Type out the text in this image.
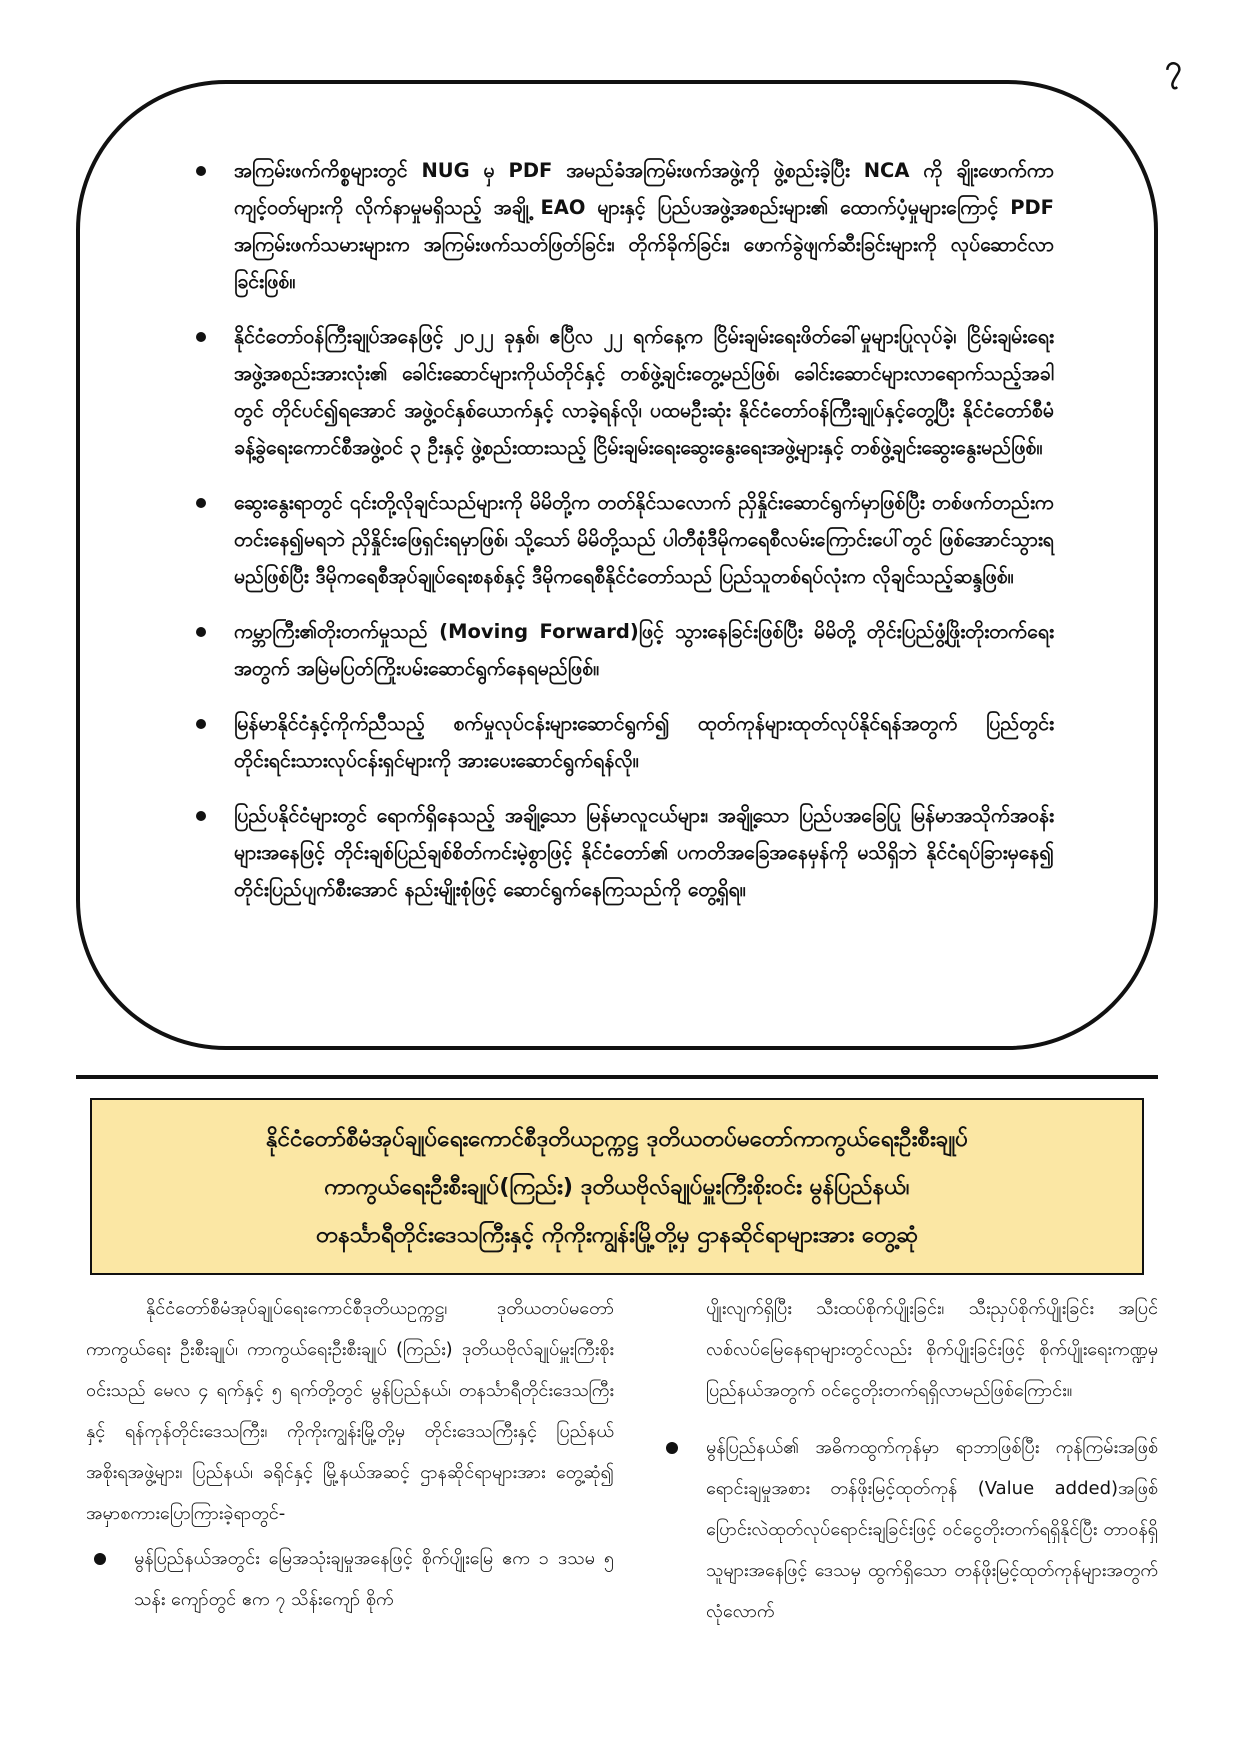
၇
အကြမ်းဖက်ကိစ္စများတွင် NUG မှ PDF အမည်ခံအကြမ်းဖက်အဖွဲ့ကို ဖွဲ့စည်းခဲ့ပြီး NCA ကို ချိုးဖောက်ကာ ကျင့်ဝတ်များကို လိုက်နာမှုမရှိသည့် အချို့ EAO များနှင့် ပြည်ပအဖွဲ့အစည်းများ၏ ထောက်ပံ့မှုများကြောင့် PDF အကြမ်းဖက်သမားများက အကြမ်းဖက်သတ်ဖြတ်ခြင်း၊ တိုက်ခိုက်ခြင်း၊ ဖောက်ခွဲဖျက်ဆီးခြင်းများကို လုပ်ဆောင်လာခြင်းဖြစ်။
နိုင်ငံတော်ဝန်ကြီးချုပ်အနေဖြင့် ၂၀၂၂ ခုနှစ်၊ ဧပြီလ ၂၂ ရက်နေ့က ငြိမ်းချမ်းရေးဖိတ်ခေါ်မှုများပြုလုပ်ခဲ့၊ ငြိမ်းချမ်းရေးအဖွဲ့အစည်းအားလုံး၏ ခေါင်းဆောင်များကိုယ်တိုင်နှင့် တစ်ဖွဲ့ချင်းတွေ့မည်ဖြစ်၊ ခေါင်းဆောင်များလာရောက်သည့်အခါတွင် တိုင်ပင်၍ရအောင် အဖွဲ့ဝင်နှစ်ယောက်နှင့် လာခဲ့ရန်လို၊ ပထမဦးဆုံး နိုင်ငံတော်ဝန်ကြီးချုပ်နှင့်တွေ့ပြီး နိုင်ငံတော်စီမံခန့်ခွဲရေးကောင်စီအဖွဲ့ဝင် ၃ ဦးနှင့် ဖွဲ့စည်းထားသည့် ငြိမ်းချမ်းရေးဆွေးနွေးရေးအဖွဲ့များနှင့် တစ်ဖွဲ့ချင်းဆွေးနွေးမည်ဖြစ်။
ဆွေးနွေးရာတွင် ၎င်းတို့လိုချင်သည်များကို မိမိတို့က တတ်နိုင်သလောက် ညှိနှိုင်းဆောင်ရွက်မှာဖြစ်ပြီး တစ်ဖက်တည်းကတင်းနေ၍မရဘဲ ညှိနှိုင်းဖြေရှင်းရမှာဖြစ်၊ သို့သော် မိမိတို့သည် ပါတီစုံဒီမိုကရေစီလမ်းကြောင်းပေါ်တွင် ဖြစ်အောင်သွားရမည်ဖြစ်ပြီး ဒီမိုကရေစီအုပ်ချုပ်ရေးစနစ်နှင့် ဒီမိုကရေစီနိုင်ငံတော်သည် ပြည်သူတစ်ရပ်လုံးက လိုချင်သည့်ဆန္ဒဖြစ်။
ကမ္ဘာကြီး၏တိုးတက်မှုသည် (Moving Forward)ဖြင့် သွားနေခြင်းဖြစ်ပြီး မိမိတို့ တိုင်းပြည်ဖွံ့ဖြိုးတိုးတက်ရေးအတွက် အမြဲမပြတ်ကြိုးပမ်းဆောင်ရွက်နေရမည်ဖြစ်။
မြန်မာနိုင်ငံနှင့်ကိုက်ညီသည့် စက်မှုလုပ်ငန်းများဆောင်ရွက်၍ ထုတ်ကုန်များထုတ်လုပ်နိုင်ရန်အတွက် ပြည်တွင်းတိုင်းရင်းသားလုပ်ငန်းရှင်များကို အားပေးဆောင်ရွက်ရန်လို။
ပြည်ပနိုင်ငံများတွင် ရောက်ရှိနေသည့် အချို့သော မြန်မာလူငယ်များ၊ အချို့သော ပြည်ပအခြေပြု မြန်မာအသိုက်အဝန်းများအနေဖြင့် တိုင်းချစ်ပြည်ချစ်စိတ်ကင်းမဲ့စွာဖြင့် နိုင်ငံတော်၏ ပကတိအခြေအနေမှန်ကို မသိရှိဘဲ နိုင်ငံရပ်ခြားမှနေ၍ တိုင်းပြည်ပျက်စီးအောင် နည်းမျိုးစုံဖြင့် ဆောင်ရွက်နေကြသည်ကို တွေ့ရှိရ။
နိုင်ငံတော်စီမံအုပ်ချုပ်ရေးကောင်စီဒုတိယဥက္ကဋ္ဌ ဒုတိယတပ်မတော်ကာကွယ်ရေးဦးစီးချုပ်
ကာကွယ်ရေးဦးစီးချုပ်(ကြည်း) ဒုတိယဗိုလ်ချုပ်မှူးကြီးစိုးဝင်း မွန်ပြည်နယ်၊
တနင်္သာရီတိုင်းဒေသကြီးနှင့် ကိုကိုးကျွန်းမြို့တို့မှ ဌာနဆိုင်ရာများအား တွေ့ဆုံ

နိုင်ငံတော်စီမံအုပ်ချုပ်ရေးကောင်စီဒုတိယဥက္ကဋ္ဌ၊ ဒုတိယတပ်မတော်ကာကွယ်ရေး ဦးစီးချုပ်၊ ကာကွယ်ရေးဦးစီးချုပ် (ကြည်း) ဒုတိယဗိုလ်ချုပ်မှူးကြီးစိုးဝင်းသည် မေလ ၄ ရက်နှင့် ၅ ရက်တို့တွင် မွန်ပြည်နယ်၊ တနင်္သာရီတိုင်းဒေသကြီးနှင့် ရန်ကုန်တိုင်းဒေသကြီး၊ ကိုကိုးကျွန်းမြို့တို့မှ တိုင်းဒေသကြီးနှင့် ပြည်နယ်အစိုးရအဖွဲ့များ၊ ပြည်နယ်၊ ခရိုင်နှင့် မြို့နယ်အဆင့် ဌာနဆိုင်ရာများအား တွေ့ဆုံ၍ အမှာစကားပြောကြားခဲ့ရာတွင်-

မွန်ပြည်နယ်အတွင်း မြေအသုံးချမှုအနေဖြင့် စိုက်ပျိုးမြေ ဧက ၁ ဒသမ ၅ သန်း ကျော်တွင် ဧက ၇ သိန်းကျော် စိုက်

ပျိုးလျက်ရှိပြီး သီးထပ်စိုက်ပျိုးခြင်း၊ သီးညှပ်စိုက်ပျိုးခြင်း အပြင် လစ်လပ်မြေနေရာများတွင်လည်း စိုက်ပျိုးခြင်းဖြင့် စိုက်ပျိုးရေးကဏ္ဍမှ ပြည်နယ်အတွက် ဝင်ငွေတိုးတက်ရရှိလာမည်ဖြစ်ကြောင်း။

မွန်ပြည်နယ်၏ အဓိကထွက်ကုန်မှာ ရာဘာဖြစ်ပြီး ကုန်ကြမ်းအဖြစ် ရောင်းချမှုအစား တန်ဖိုးမြင့်ထုတ်ကုန် (Value added)အဖြစ် ပြောင်းလဲထုတ်လုပ်ရောင်းချခြင်းဖြင့် ဝင်ငွေတိုးတက်ရရှိနိုင်ပြီး တာဝန်ရှိသူများအနေဖြင့် ဒေသမှ ထွက်ရှိသော တန်ဖိုးမြင့်ထုတ်ကုန်များအတွက် လုံလောက်
